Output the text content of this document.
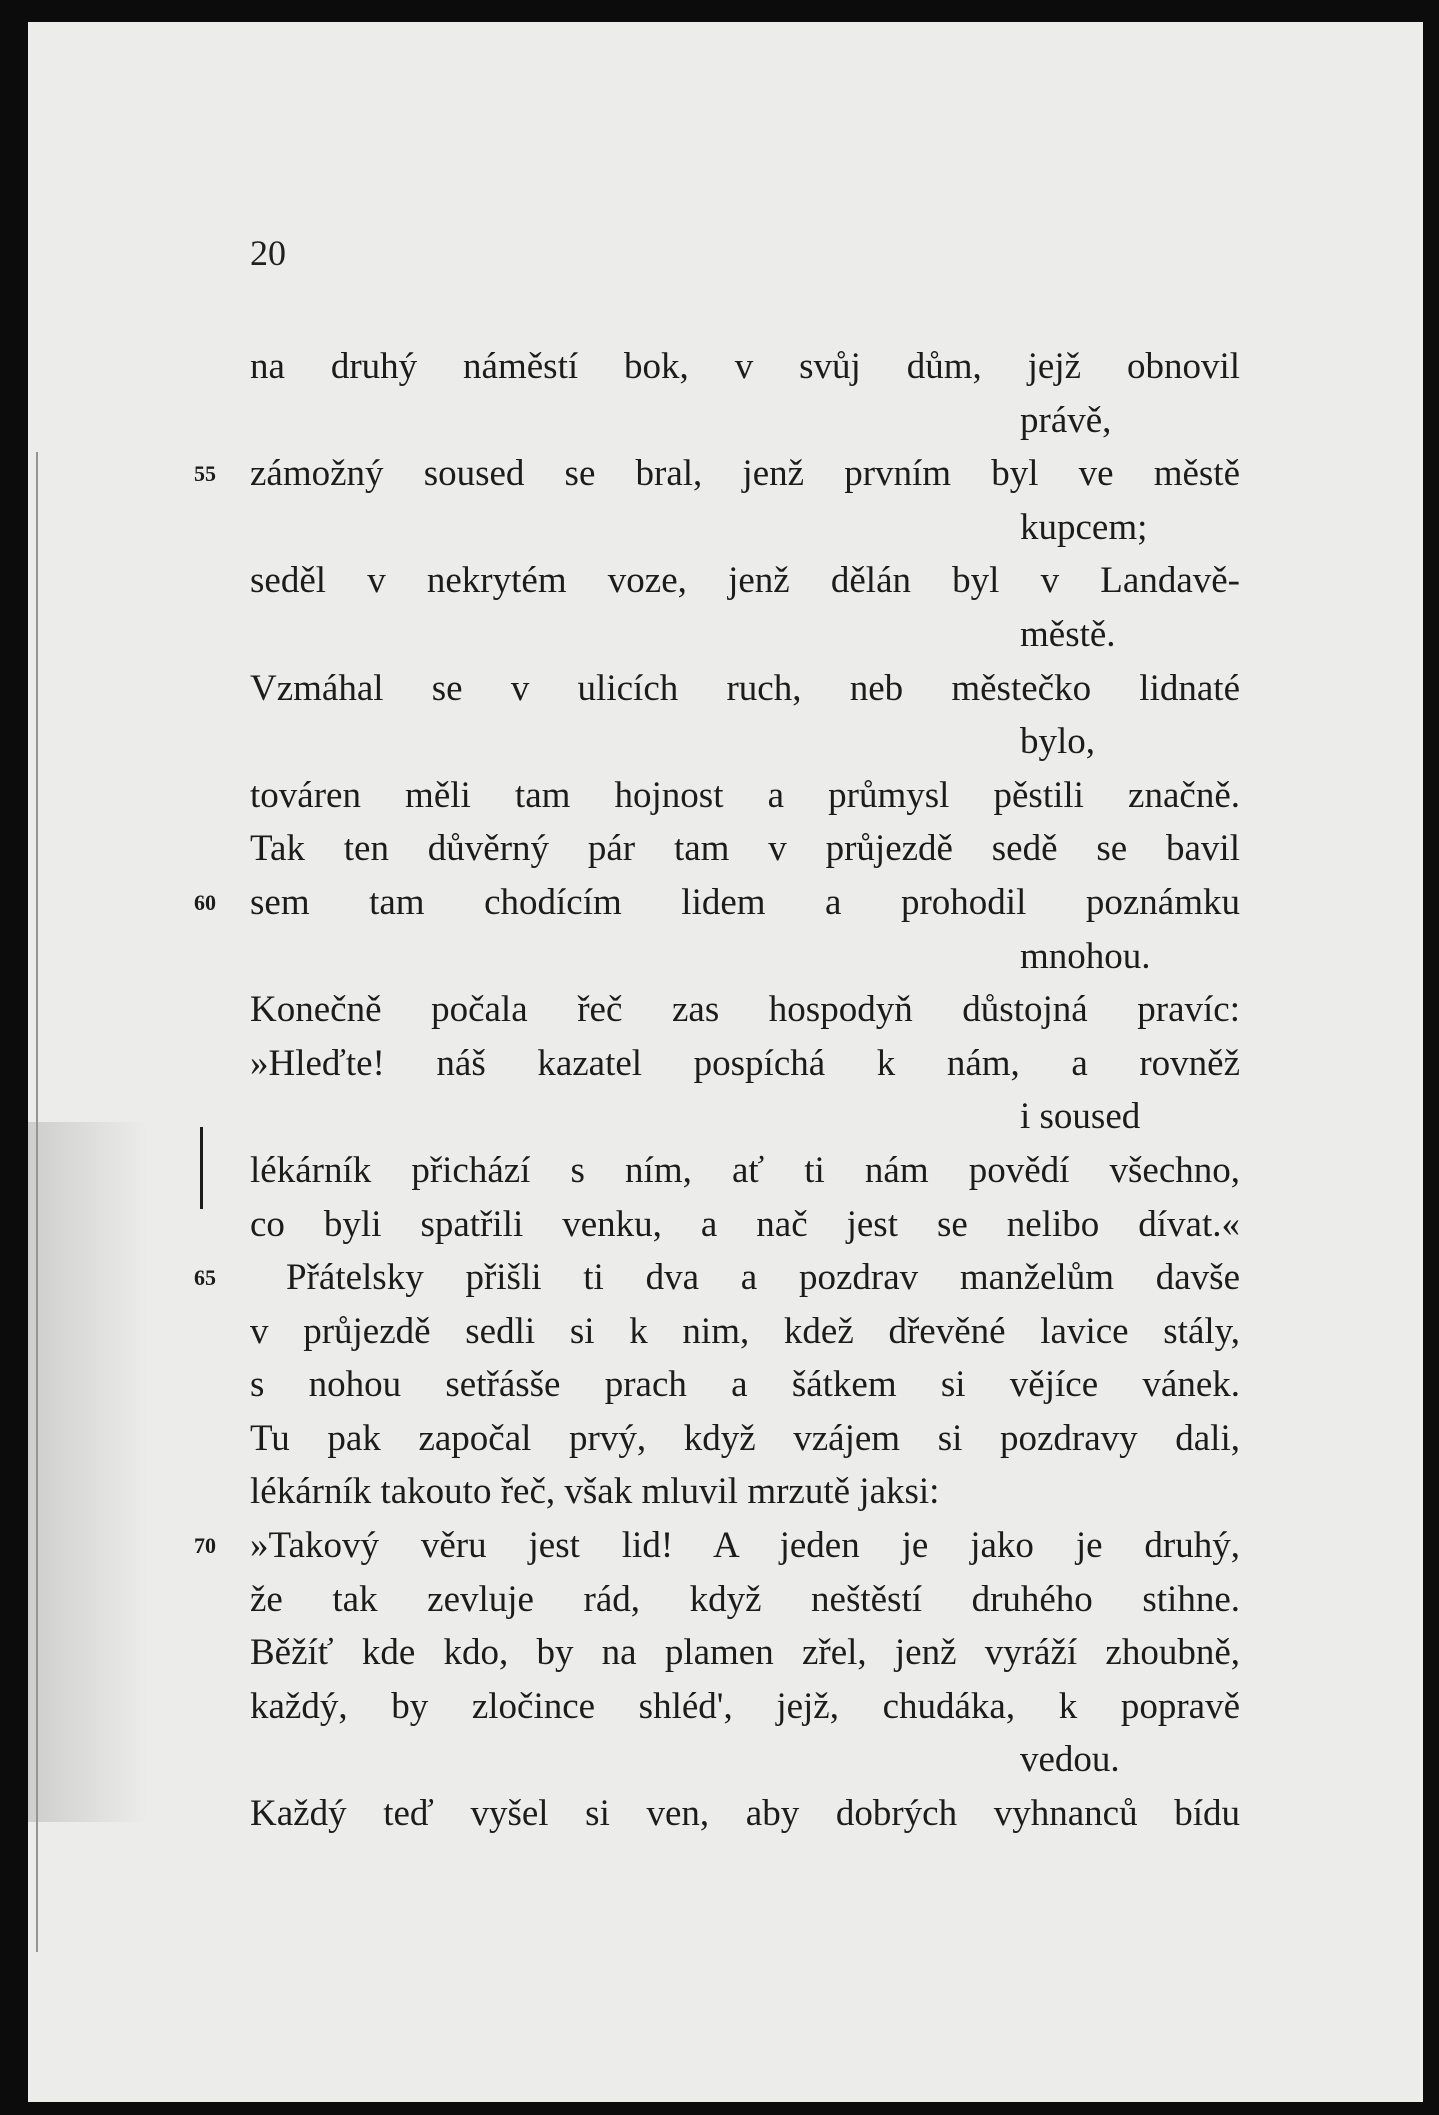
20
na druhý náměstí bok, v svůj dům, jejž obnovil
právě,
55 zámožný soused se bral, jenž prvním byl ve městě
kupcem;
seděl v nekrytém voze, jenž dělán byl v Landavě-
městě.
Vzmáhal se v ulicích ruch, neb městečko lidnaté
bylo,
továren měli tam hojnost a průmysl pěstili značně.
Tak ten důvěrný pár tam v průjezdě sedě se bavil
60 sem tam chodícím lidem a prohodil poznámku
mnohou.
Konečně počala řeč zas hospodyň důstojná pravíc:
»Hleďte! náš kazatel pospíchá k nám, a rovněž
i soused
lékárník přichází s ním, ať ti nám povědí všechno,
co byli spatřili venku, a nač jest se nelibo dívat.«
65	Přátelsky přišli ti dva a pozdrav manželům davše
v průjezdě sedli si k nim, kdež dřevěné lavice stály,
s nohou setřásše prach a šátkem si vějíce vánek.
Tu pak započal prvý, když vzájem si pozdravy dali,
lékárník takouto řeč, však mluvil mrzutě jaksi:
70 »Takový věru jest lid! A jeden je jako je druhý,
že tak zevluje rád, když neštěstí druhého stihne.
Běžíť kde kdo, by na plamen zřel, jenž vyráží zhoubně,
každý, by zločince shléd', jejž, chudáka, k popravě
vedou.
Každý teď vyšel si ven, aby dobrých vyhnanců bídu
